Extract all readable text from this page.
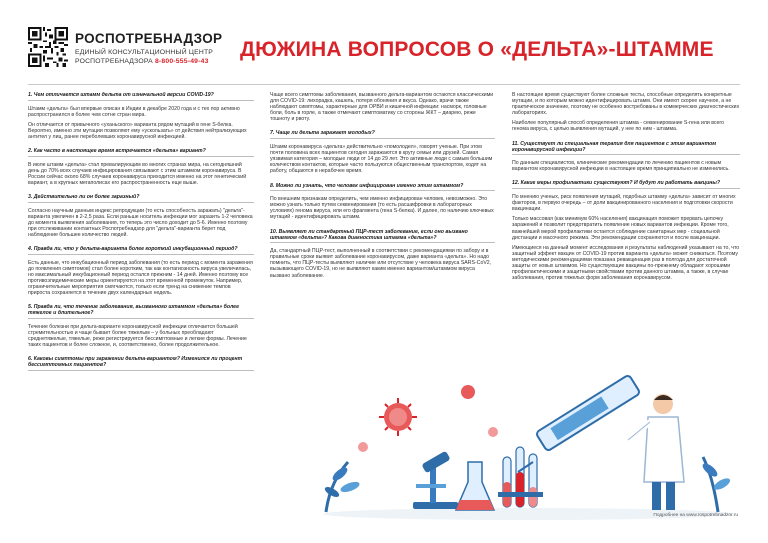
РОСПОТРЕБНАДЗОР
ЕДИНЫЙ КОНСУЛЬТАЦИОННЫЙ ЦЕНТР
РОСПОТРЕБНАДЗОРА 8-800-555-49-43
ДЮЖИНА ВОПРОСОВ О «ДЕЛЬТА»-ШТАММЕ
1. Чем отличается штамм дельта от изначальной версии COVID-19?
Штамм «дельта» был впервые описан в Индии в декабре 2020 года и с тех пор активно распространился в более чем сотне стран мира.
Он отличается от привычного «уханьского» варианта рядом мутаций в гене S-белка. Вероятно, именно эти мутации позволяют ему «ускользать» от действия нейтрализующих антител у лиц, ранее переболевших коронавирусной инфекцией.
2. Как часто в настоящее время встречается «дельта» вариант?
В июле штамм «дельта» стал превалирующим во многих странах мира, на сегодняшний день до 70% всех случаев инфицирования связывают с этим штаммом коронавируса. В России сейчас около 68% случаев коронавируса приходится именно на этот генетический вариант, а в крупных мегаполисах его распространенность еще выше.
3. Действительно ли он более заразный?
Согласно научным данным индекс репродукции (то есть способность заражать) "дельта"-варианта увеличен в 2-2,5 раза. Если раньше носитель инфекции мог заразить 1-2 человека до момента выявления заболевания, то теперь это число доходит до 5-6. Именно поэтому при отслеживании контактных Роспотребнадзор для "дельта"-варианта берет под наблюдение большее количество людей.
4. Правда ли, что у дельта-варианта более короткий инкубационный период?
Есть данные, что инкубационный период заболевания (то есть период с момента заражения до появления симптомов) стал более коротким, так как контагиозность вируса увеличилась, но максимальный инкубационный период остался прежним - 14 дней. Именно поэтому все противоэпидемические меры ориентируются на этот временной промежуток. Например, ограничительные мероприятия смягчаются, только если тренд на снижение темпов прироста сохраняется в течение двух календарных недель.
5. Правда ли, что течение заболевания, вызванного штаммом «дельта» более тяжелое и длительное?
Течение болезни при дельта-варианте коронавирусной инфекции отличается большей стремительностью и чаще бывает более тяжелым – у больных преобладают среднетяжелые, тяжелые, реже регистрируется бессимптомные и легкие формы. Лечение таких пациентов и более сложное, и, соответственно, более продолжительное.
6. Каковы симптомы при заражении дельта-вариантом? Изменился ли процент бессимптомных пациентов?
Чаще всего симптомы заболевания, вызванного дельта-вариантом остаются классическими для COVID-19: лихорадка, кашель, потеря обоняния и вкуса. Однако, врачи также наблюдают симптомы, характерные для ОРВИ и кишечной инфекции: насморк, головные боли, боль в горле, а также отмечают симптоматику со стороны ЖКТ – диарею, реже тошноту и рвоту.
7. Чаще ли дельта заражает молодых?
Штамм коронавируса «дельта» действительно «помолодел», говорят ученые. При этом почти половина всех пациентов сегодня заражаются в кругу семьи или друзей. Самая уязвимая категория – молодые люди от 14 до 29 лет. Это активные люди с самым большим количеством контактов, которые часто пользуются общественным транспортом, ходят на работу, общаются в нерабочее время.
8. Можно ли узнать, что человек инфицирован именно этим штаммом?
По внешним признакам определить, чем именно инфицирован человек, невозможно. Это можно узнать только путем секвенирования (то есть расшифровки в лабораторных условиях) генома вируса, или его фрагмента (гена S-белка). И далее, по наличию ключевых мутаций - идентифицировать штамм.
10. Выявляет ли стандартный ПЦР-тест заболевание, если оно вызвано штаммом «дельта»? Какова диагностика штамма «дельта»?
Да, стандартный ПЦР-тест, выполненный в соответствии с рекомендациями по забору и в правильные сроки выявит заболевание коронавирусом, даже варианта «дельта». Но надо помнить, что ПЦР-тесты выявляют наличие или отсутствие у человека вируса SARS-CoV2, вызывающего COVID-19, но не выявляют каким именно вариантом/штаммом вируса вызвано заболевание.
В настоящее время существуют более сложные тесты, способные определять конкретные мутации, и по которым можно идентифицировать штамм. Они имеют скорее научное, а не практическое значение, поэтому не особенно востребованы в коммерческих диагностических лабораториях.
Наиболее популярный способ определения штамма - секвенирование S-гена или всего генома вируса, с целью выявления мутаций, у нее по ним - штамма.
11. Существует ли специальная терапия для пациентов с этим вариантом коронавирусной инфекции?
По данным специалистов, клинические рекомендации по лечению пациентов с новым вариантом коронавирусной инфекции в настоящее время принципиально не изменились.
12. Какие меры профилактики существуют? И будут ли работать вакцины?
По мнению ученых, риск появления мутаций, подобных штамму «дельта» зависит от многих факторов, в первую очередь – от доли вакцинированного населения и подготовки скорости вакцинации.
Только массовая (как минимум 60% населения) вакцинация поможет прервать цепочку заражений и позволит предотвратить появление новых вариантов инфекции. Кроме того, важнейшей мерой профилактики остается соблюдение санитарных мер - социальной дистанции и масочного режима. Эти рекомендации сохраняются и после вакцинации.
Имеющиеся на данный момент исследования и результаты наблюдений указывают на то, что защитный эффект вакцин от COVID-19 против варианта «дельта» может снижаться. Поэтому методическими рекомендациями показана ревакцинация раз в полгода для достаточной защиты от новых штаммов. Но существующие вакцины по-прежнему обладают хорошими профилактическими и защитными свойствами против данного штамма, а также, в случае заболевания, против тяжелых форм заболевания коронавирусом.
Подробнее на www.rospotrebnadzor.ru
